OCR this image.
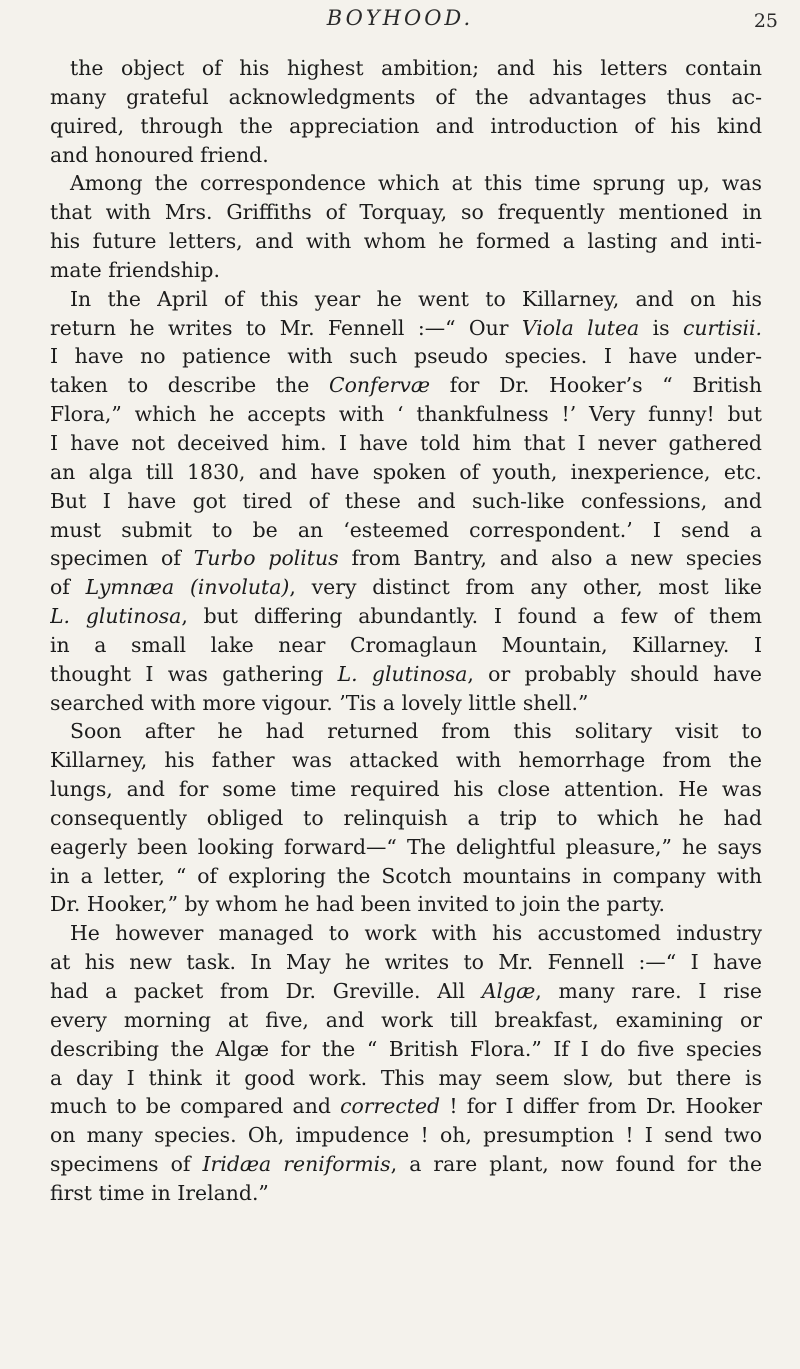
BOYHOOD.	25
the object of his highest ambition; and his letters contain
many grateful acknowledgments of the advantages thus ac-
quired, through the appreciation and introduction of his kind
and honoured friend.
Among the correspondence which at this time sprung up, was
that with Mrs. Griffiths of Torquay, so frequently mentioned in
his future letters, and with whom he formed a lasting and inti-
mate friendship.
In the April of this year he went to Killarney, and on his
return he writes to Mr. Fennell :—“ Our Viola lutea is curtisii.
I have no patience with such pseudo species. I have under-
taken to describe the Confervæ for Dr. Hooker’s “ British
Flora,” which he accepts with ‘ thankfulness !’ Very funny! but
I have not deceived him. I have told him that I never gathered
an alga till 1830, and have spoken of youth, inexperience, etc.
But I have got tired of these and such-like confessions, and
must submit to be an ‘esteemed correspondent.’ I send a
specimen of Turbo politus from Bantry, and also a new species
of Lymnæa (involuta), very distinct from any other, most like
L. glutinosa, but differing abundantly. I found a few of them
in a small lake near Cromaglaun Mountain, Killarney. I
thought I was gathering L. glutinosa, or probably should have
searched with more vigour. ’Tis a lovely little shell.”
Soon after he had returned from this solitary visit to
Killarney, his father was attacked with hemorrhage from the
lungs, and for some time required his close attention. He was
consequently obliged to relinquish a trip to which he had
eagerly been looking forward—“ The delightful pleasure,” he says
in a letter, “ of exploring the Scotch mountains in company with
Dr. Hooker,” by whom he had been invited to join the party.
He however managed to work with his accustomed industry
at his new task. In May he writes to Mr. Fennell :—“ I have
had a packet from Dr. Greville. All Algæ, many rare. I rise
every morning at five, and work till breakfast, examining or
describing the Algæ for the “ British Flora.” If I do five species
a day I think it good work. This may seem slow, but there is
much to be compared and corrected ! for I differ from Dr. Hooker
on many species. Oh, impudence ! oh, presumption ! I send two
specimens of Iridæa reniformis, a rare plant, now found for the
first time in Ireland.”
